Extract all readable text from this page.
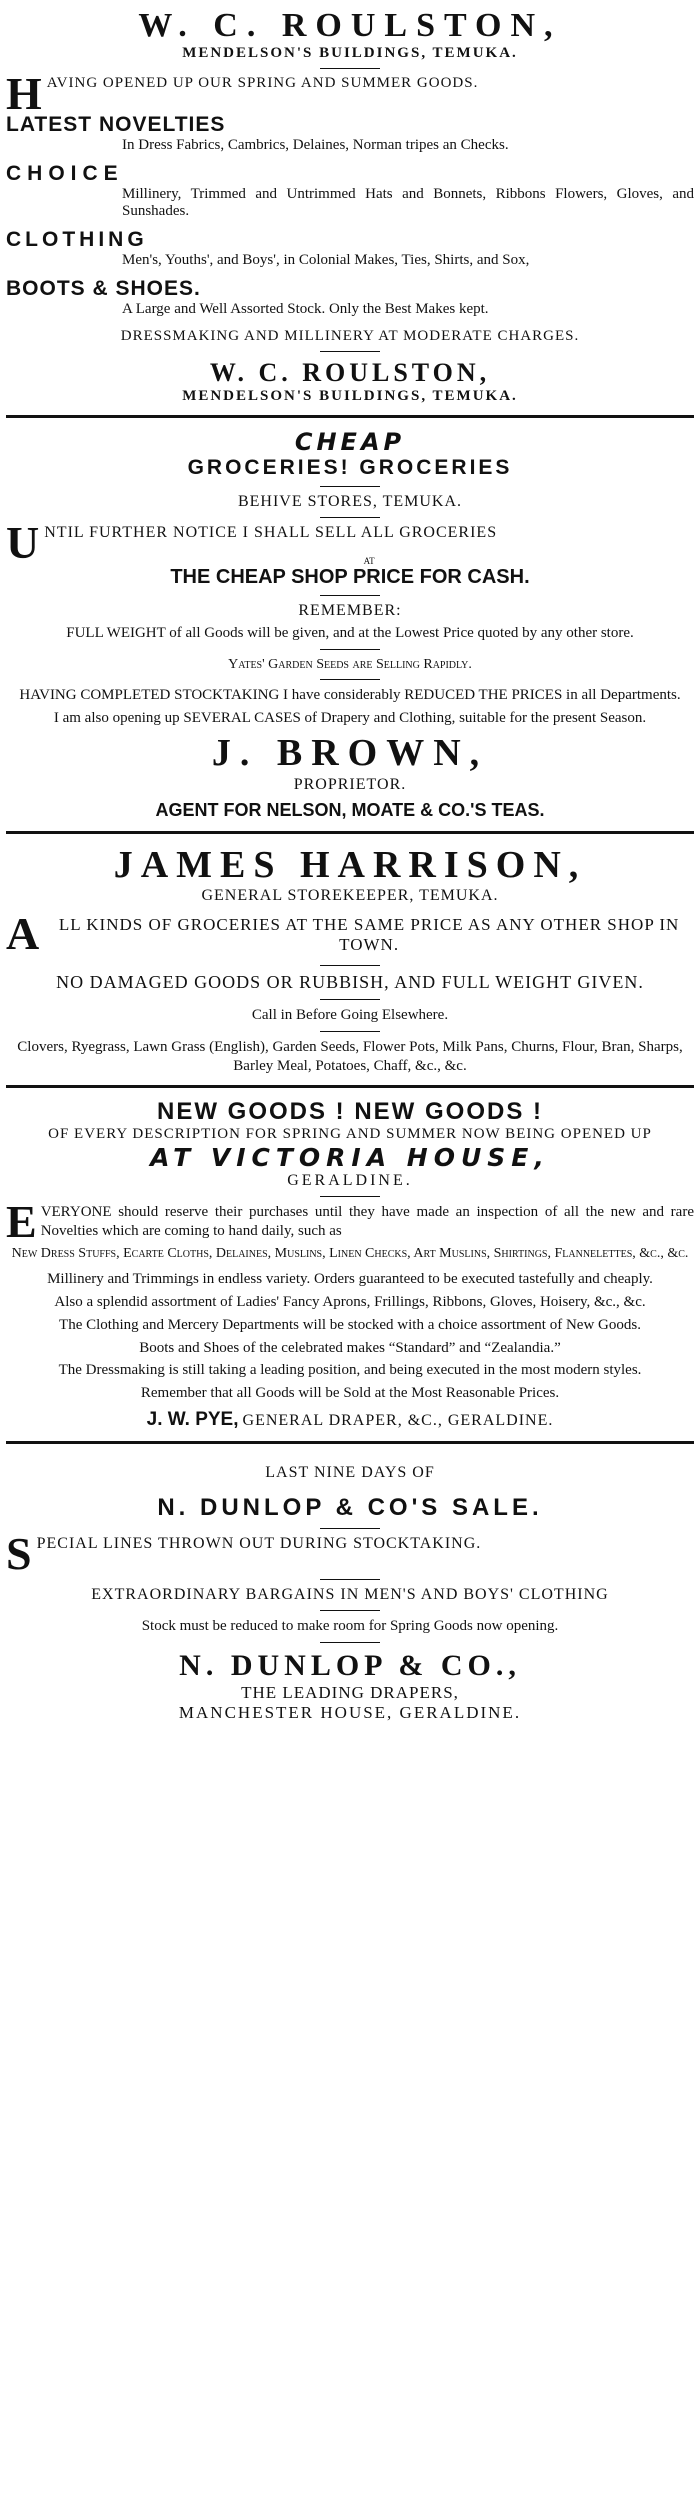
W. C. ROULSTON,
MENDELSON'S BUILDINGS, TEMUKA.

HAVING OPENED UP OUR SPRING AND SUMMER GOODS.

LATEST NOVELTIES
In Dress Fabrics, Cambrics, Delaines, Norman tripes an Checks.
CHOICE
Millinery, Trimmed and Untrimmed Hats and Bonnets, Ribbons Flowers, Gloves, and Sunshades.
CLOTHING
Men's, Youths', and Boys', in Colonial Makes, Ties, Shirts, and Sox,
BOOTS & SHOES.
A Large and Well Assorted Stock. Only the Best Makes kept.
DRESSMAKING AND MILLINERY AT MODERATE CHARGES.
W. C. ROULSTON,
MENDELSON'S BUILDINGS, TEMUKA.
CHEAP
GROCERIES! GROCERIES
BEHIVE STORES, TEMUKA.

UNTIL FURTHER NOTICE I SHALL SELL ALL GROCERIES

AT
THE CHEAP SHOP PRICE FOR CASH.
REMEMBER:

FULL WEIGHT of all Goods will be given, and at the Lowest Price quoted by any other store.

Yates' Garden Seeds are Selling Rapidly.

HAVING COMPLETED STOCKTAKING I have considerably REDUCED THE PRICES in all Departments.

I am also opening up SEVERAL CASES of Drapery and Clothing, suitable for the present Season.

J. BROWN,
PROPRIETOR.
AGENT FOR NELSON, MOATE & CO.'S TEAS.
JAMES HARRISON,
GENERAL STOREKEEPER, TEMUKA.

A LL KINDS OF GROCERIES AT THE SAME PRICE AS ANY OTHER SHOP IN TOWN.

NO DAMAGED GOODS OR RUBBISH, AND FULL WEIGHT GIVEN.

Call in Before Going Elsewhere.

Clovers, Ryegrass, Lawn Grass (English), Garden Seeds, Flower Pots, Milk Pans, Churns, Flour, Bran, Sharps, Barley Meal, Potatoes, Chaff, &c., &c.

NEW GOODS ! NEW GOODS !
OF EVERY DESCRIPTION FOR SPRING AND SUMMER NOW BEING OPENED UP
AT VICTORIA HOUSE,
GERALDINE.

EVERYONE should reserve their purchases until they have made an inspection of all the new and rare Novelties which are coming to hand daily, such as

New Dress Stuffs, Ecarte Cloths, Delaines, Muslins, Linen Checks, Art Muslins, Shirtings, Flannelettes, &c., &c.

Millinery and Trimmings in endless variety. Orders guaranteed to be executed tastefully and cheaply.

Also a splendid assortment of Ladies' Fancy Aprons, Frillings, Ribbons, Gloves, Hoisery, &c., &c.

The Clothing and Mercery Departments will be stocked with a choice assortment of New Goods.

Boots and Shoes of the celebrated makes “Standard” and “Zealandia.”

The Dressmaking is still taking a leading position, and being executed in the most modern styles.

Remember that all Goods will be Sold at the Most Reasonable Prices.

J. W. PYE, GENERAL DRAPER, &C., GERALDINE.
LAST NINE DAYS OF
N. DUNLOP & CO'S SALE.

SPECIAL LINES THROWN OUT DURING STOCKTAKING.

EXTRAORDINARY BARGAINS IN MEN'S AND BOYS' CLOTHING

Stock must be reduced to make room for Spring Goods now opening.

N. DUNLOP & CO.,
THE LEADING DRAPERS,
MANCHESTER HOUSE, GERALDINE.
